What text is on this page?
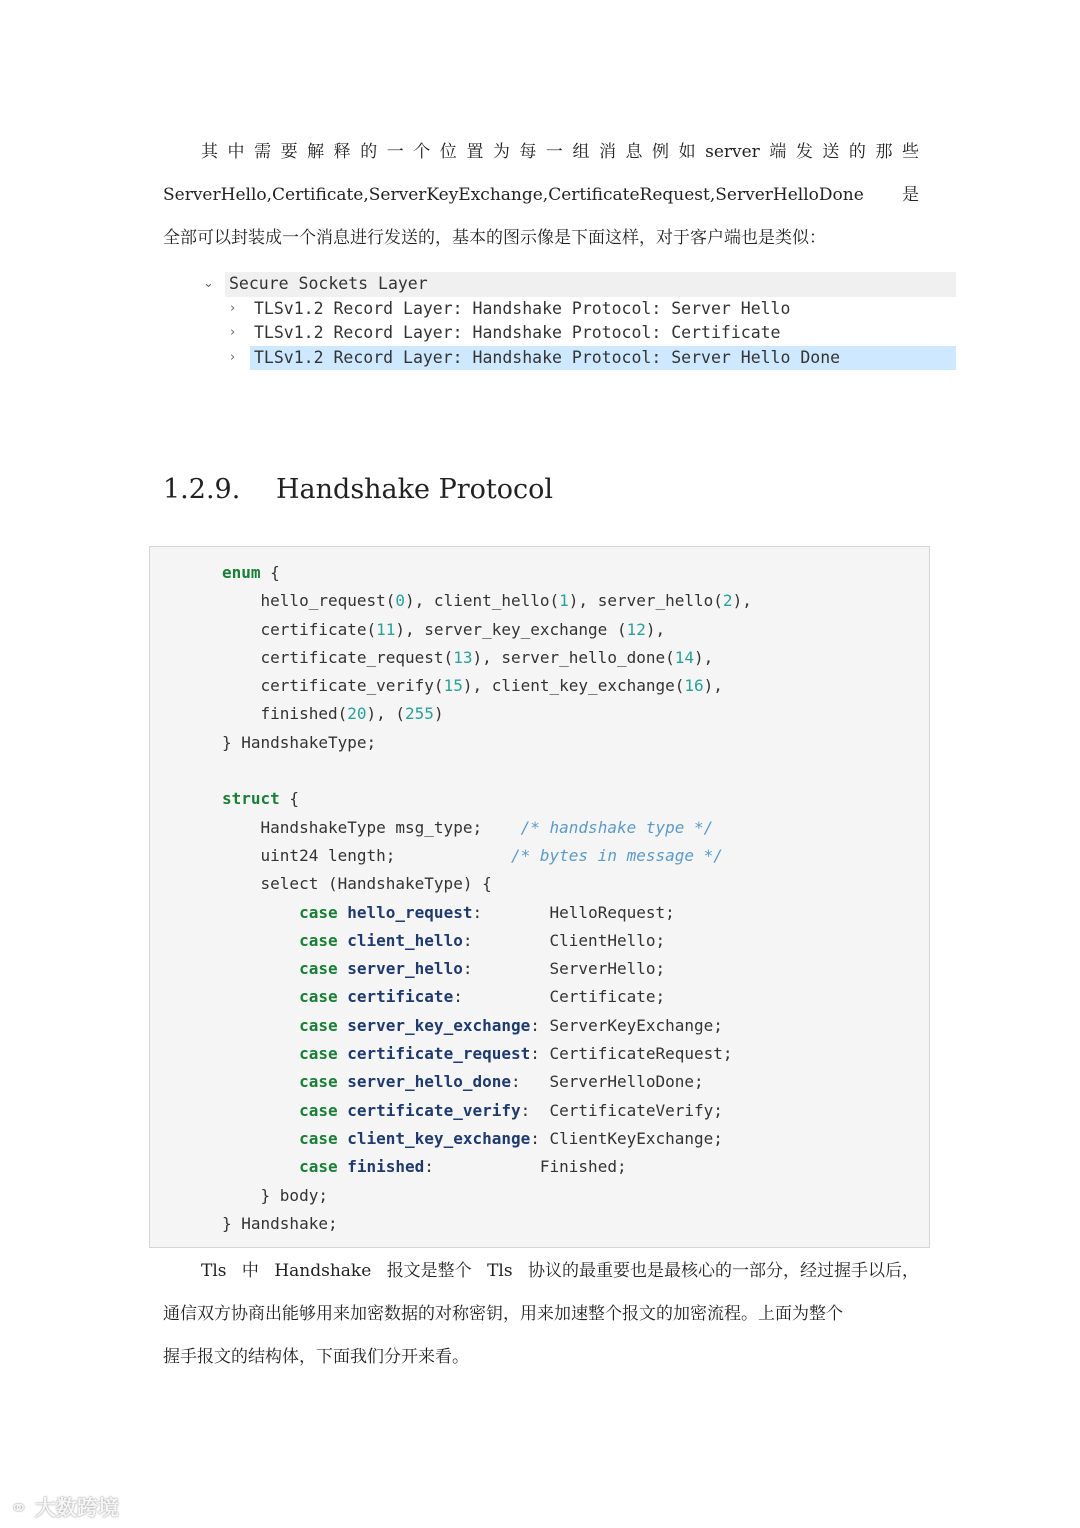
其 中 需 要 解 释 的 一 个 位 置 为 每 一 组 消 息 例 如 server 端 发 送 的 那 些

ServerHello,Certificate,ServerKeyExchange,CertificateRequest,ServerHelloDone 是

全部可以封装成一个消息进行发送的，基本的图示像是下面这样，对于客户端也是类似：

⌄ Secure Sockets Layer
› TLSv1.2 Record Layer: Handshake Protocol: Server Hello
› TLSv1.2 Record Layer: Handshake Protocol: Certificate
› TLSv1.2 Record Layer: Handshake Protocol: Server Hello Done
1.2.9. Handshake Protocol
enum {
hello_request(0), client_hello(1), server_hello(2),
certificate(11), server_key_exchange (12),
certificate_request(13), server_hello_done(14),
certificate_verify(15), client_key_exchange(16),
finished(20), (255)
} HandshakeType;

struct {
HandshakeType msg_type;    /* handshake type */
uint24 length;            /* bytes in message */
select (HandshakeType) {
case hello_request:       HelloRequest;
case client_hello:        ClientHello;
case server_hello:        ServerHello;
case certificate:         Certificate;
case server_key_exchange: ServerKeyExchange;
case certificate_request: CertificateRequest;
case server_hello_done:   ServerHelloDone;
case certificate_verify:  CertificateVerify;
case client_key_exchange: ClientKeyExchange;
case finished:           Finished;
} body;
} Handshake;

Tls 中 Handshake 报文是整个 Tls 协议的最重要也是最核心的一部分，经过握手以后，

通信双方协商出能够用来加密数据的对称密钥，用来加速整个报文的加密流程。上面为整个

握手报文的结构体，下面我们分开来看。

⚭ 大数跨境
